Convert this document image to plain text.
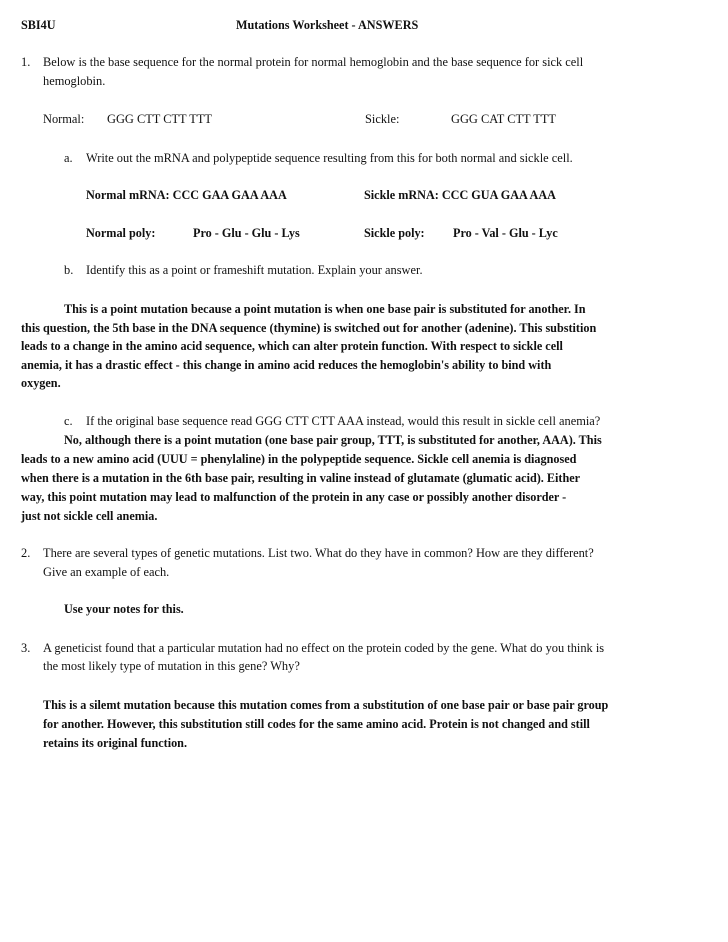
SBI4U	Mutations Worksheet - ANSWERS
1. Below is the base sequence for the normal protein for normal hemoglobin and the base sequence for sick cell
hemoglobin.
Normal: GGG CTT CTT TTT	Sickle:	GGG CAT CTT TTT
a. Write out the mRNA and polypeptide sequence resulting from this for both normal and sickle cell.
Normal mRNA: CCC GAA GAA AAA	Sickle mRNA: CCC GUA GAA AAA
Normal poly:	Pro - Glu - Glu - Lys	Sickle poly: Pro - Val - Glu - Lyc
b. Identify this as a point or frameshift mutation. Explain your answer.
This is a point mutation because a point mutation is when one base pair is substituted for another. In
this question, the 5th base in the DNA sequence (thymine) is switched out for another (adenine). This substition
leads to a change in the amino acid sequence, which can alter protein function. With respect to sickle cell
anemia, it has a drastic effect - this change in amino acid reduces the hemoglobin's ability to bind with
oxygen.
c. If the original base sequence read GGG CTT CTT AAA instead, would this result in sickle cell anemia?
No, although there is a point mutation (one base pair group, TTT, is substituted for another, AAA). This
leads to a new amino acid (UUU = phenylaline) in the polypeptide sequence. Sickle cell anemia is diagnosed
when there is a mutation in the 6th base pair, resulting in valine instead of glutamate (glumatic acid). Either
way, this point mutation may lead to malfunction of the protein in any case or possibly another disorder -
just not sickle cell anemia.
2. There are several types of genetic mutations. List two. What do they have in common? How are they different?
Give an example of each.
Use your notes for this.
3. A geneticist found that a particular mutation had no effect on the protein coded by the gene. What do you think is
the most likely type of mutation in this gene? Why?
This is a silemt mutation because this mutation comes from a substitution of one base pair or base pair group
for another. However, this substitution still codes for the same amino acid. Protein is not changed and still
retains its original function.
